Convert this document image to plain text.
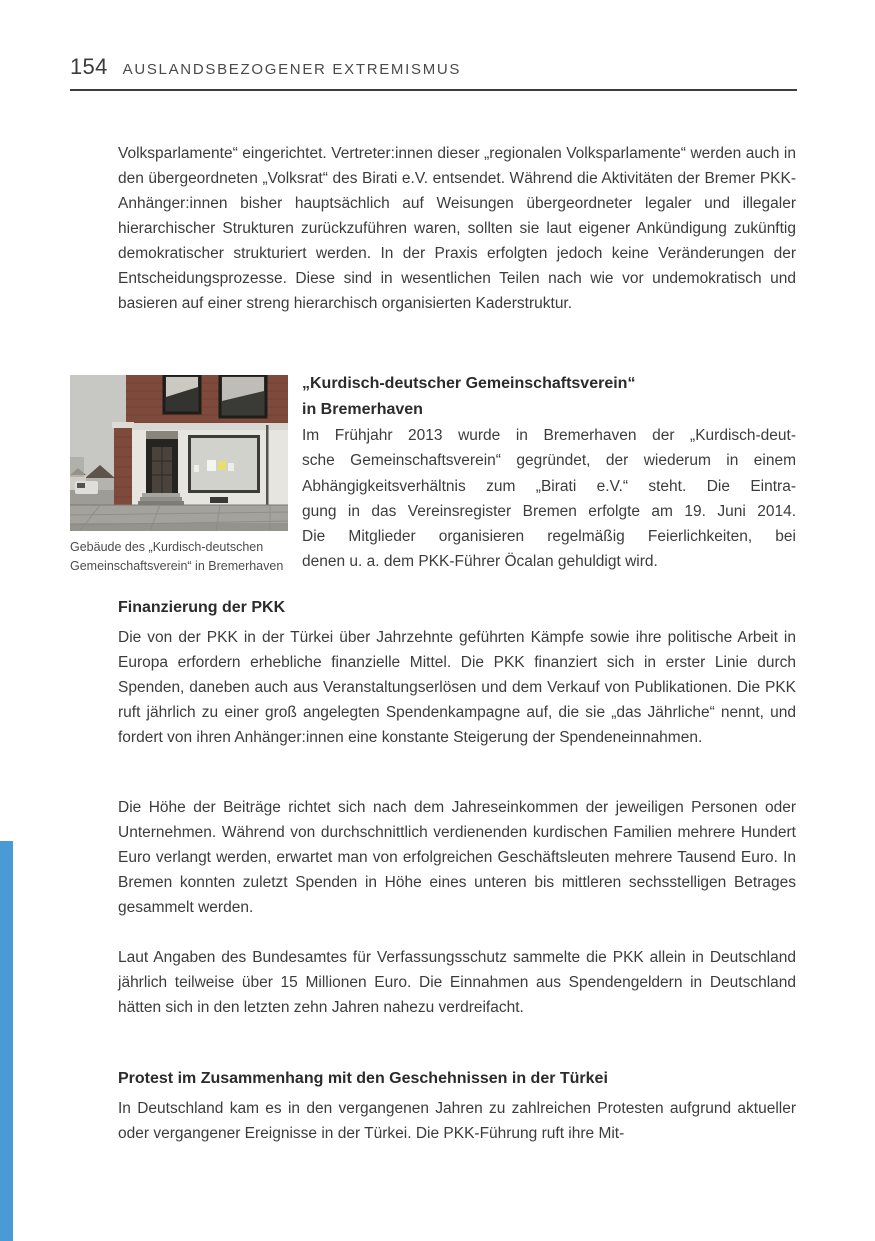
154 AUSLANDSBEZOGENER EXTREMISMUS
Volksparlamente“ eingerichtet. Vertreter:innen dieser „regionalen Volksparlamente“ werden auch in den übergeordneten „Volksrat“ des Birati e.V. entsendet. Während die Aktivitäten der Bremer PKK-Anhänger:innen bisher hauptsächlich auf Weisungen übergeordneter legaler und illegaler hierarchischer Strukturen zurückzuführen waren, sollten sie laut eigener Ankündigung zukünftig demokratischer strukturiert werden. In der Praxis erfolgten jedoch keine Veränderungen der Entscheidungsprozesse. Diese sind in wesentlichen Teilen nach wie vor undemokratisch und basieren auf einer streng hierarchisch organisierten Kaderstruktur.
Gebäude des „Kurdisch-deutschen
Gemeinschaftsverein“ in Bremerhaven
„Kurdisch-deutscher Gemeinschaftsverein“
in Bremerhaven
Im Frühjahr 2013 wurde in Bremerhaven der „Kurdisch-deut-
sche Gemeinschaftsverein“ gegründet, der wiederum in einem
Abhängigkeitsverhältnis zum „Birati e.V.“ steht. Die Eintra-
gung in das Vereinsregister Bremen erfolgte am 19. Juni 2014.
Die Mitglieder organisieren regelmäßig Feierlichkeiten, bei
denen u. a. dem PKK-Führer Öcalan gehuldigt wird.
Finanzierung der PKK

Die von der PKK in der Türkei über Jahrzehnte geführten Kämpfe sowie ihre politische Arbeit in Europa erfordern erhebliche finanzielle Mittel. Die PKK finanziert sich in erster Linie durch Spenden, daneben auch aus Veranstaltungserlösen und dem Verkauf von Publikationen. Die PKK ruft jährlich zu einer groß angelegten Spendenkampagne auf, die sie „das Jährliche“ nennt, und fordert von ihren Anhänger:innen eine konstante Steigerung der Spendeneinnahmen.

Die Höhe der Beiträge richtet sich nach dem Jahreseinkommen der jeweiligen Personen oder Unternehmen. Während von durchschnittlich verdienenden kurdischen Familien mehrere Hundert Euro verlangt werden, erwartet man von erfolgreichen Geschäftsleuten mehrere Tausend Euro. In Bremen konnten zuletzt Spenden in Höhe eines unteren bis mittleren sechsstelligen Betrages gesammelt werden.
Laut Angaben des Bundesamtes für Verfassungsschutz sammelte die PKK allein in Deutschland jährlich teilweise über 15 Millionen Euro. Die Einnahmen aus Spendengeldern in Deutschland hätten sich in den letzten zehn Jahren nahezu verdreifacht.
Protest im Zusammenhang mit den Geschehnissen in der Türkei

In Deutschland kam es in den vergangenen Jahren zu zahlreichen Protesten aufgrund aktueller oder vergangener Ereignisse in der Türkei. Die PKK-Führung ruft ihre Mit-
